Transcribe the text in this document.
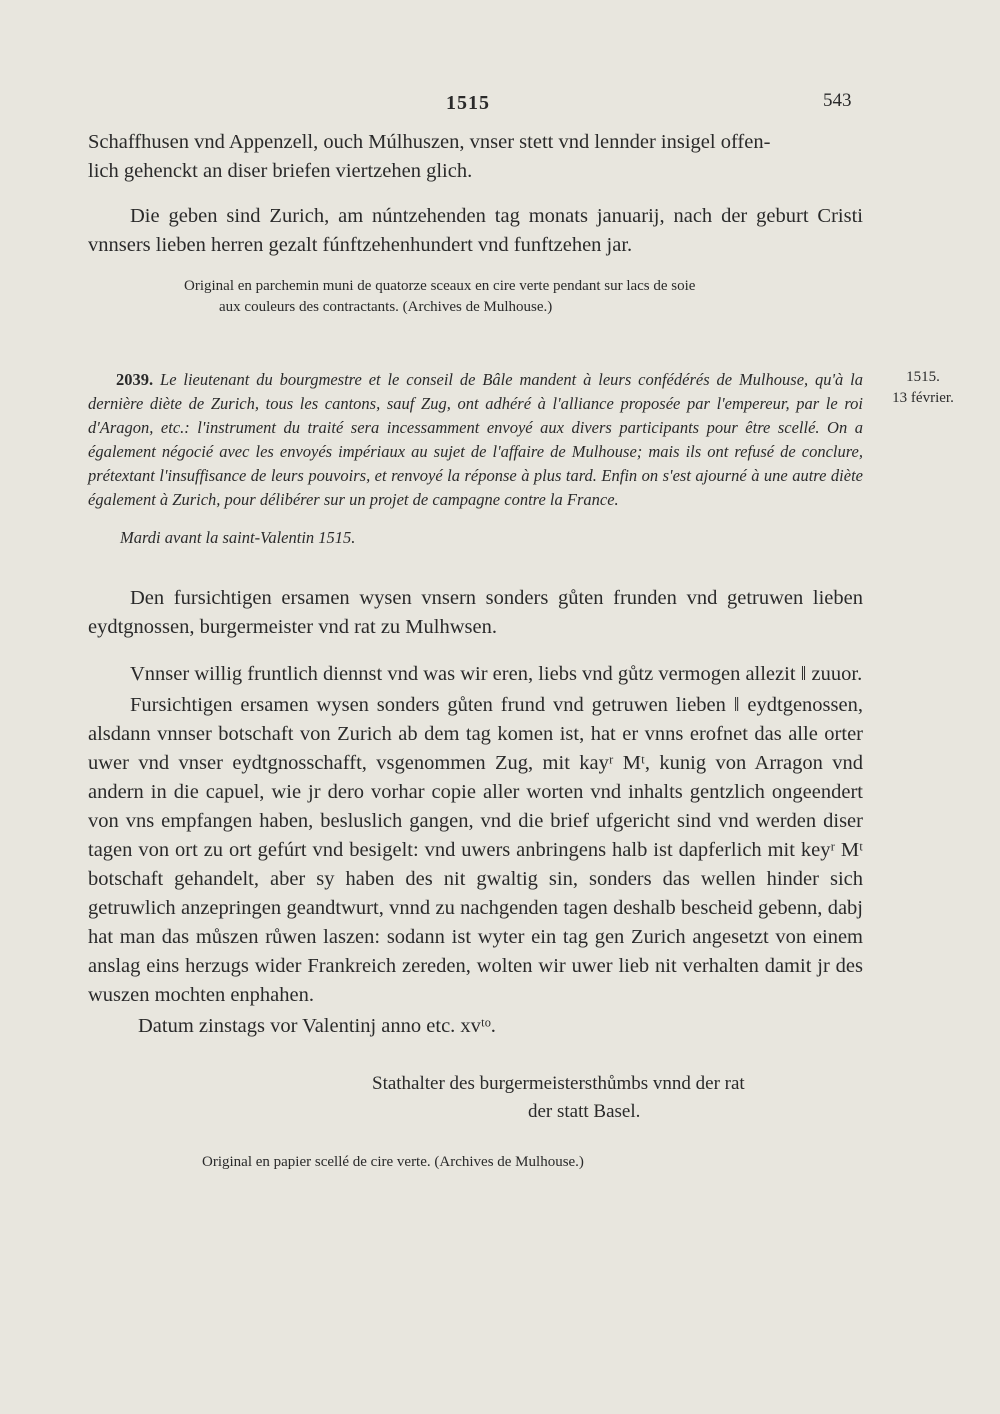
1515	543

Schaffhusen vnd Appenzell, ouch Múlhuszen, vnser stett vnd lennder insigel offen-

lich gehenckt an diser briefen viertzehen glich.

Die geben sind Zurich, am núntzehenden tag monats januarij, nach der geburt Cristi vnnsers lieben herren gezalt fúnftzehenhundert vnd funftzehen jar.

Original en parchemin muni de quatorze sceaux en cire verte pendant sur lacs de soie

aux couleurs des contractants. (Archives de Mulhouse.)

1515.
13 février.

2039. Le lieutenant du bourgmestre et le conseil de Bâle mandent à leurs confédérés de Mulhouse, qu'à la dernière diète de Zurich, tous les cantons, sauf Zug, ont adhéré à l'alliance proposée par l'empereur, par le roi d'Aragon, etc.: l'instrument du traité sera incessamment envoyé aux divers participants pour être scellé. On a également négocié avec les envoyés impériaux au sujet de l'affaire de Mulhouse; mais ils ont refusé de conclure, prétextant l'insuffisance de leurs pouvoirs, et renvoyé la réponse à plus tard. Enfin on s'est ajourné à une autre diète également à Zurich, pour délibérer sur un projet de campagne contre la France.

Mardi avant la saint-Valentin 1515.

Den fursichtigen ersamen wysen vnsern sonders gůten frunden vnd getruwen lieben eydtgnossen, burgermeister vnd rat zu Mulhwsen.

Vnnser willig fruntlich diennst vnd was wir eren, liebs vnd gůtz vermogen allezit ‖ zuuor.

Fursichtigen ersamen wysen sonders gůten frund vnd getruwen lieben ‖ eydtgenossen, alsdann vnnser botschaft von Zurich ab dem tag komen ist, hat er vnns erofnet das alle orter uwer vnd vnser eydtgnosschafft, vsgenommen Zug, mit kayʳ Mᵗ, kunig von Arragon vnd andern in die capuel, wie jr dero vorhar copie aller worten vnd inhalts gentzlich ongeendert von vns empfangen haben, besluslich gangen, vnd die brief ufgericht sind vnd werden diser tagen von ort zu ort gefúrt vnd besigelt: vnd uwers anbringens halb ist dapferlich mit keyʳ Mᵗ botschaft gehandelt, aber sy haben des nit gwaltig sin, sonders das wellen hinder sich getruwlich anzepringen geandtwurt, vnnd zu nachgenden tagen deshalb bescheid gebenn, dabj hat man das můszen růwen laszen: sodann ist wyter ein tag gen Zurich angesetzt von einem anslag eins herzugs wider Frankreich zereden, wolten wir uwer lieb nit verhalten damit jr des wuszen mochten enphahen.

Datum zinstags vor Valentinj anno etc. xvᵗᵒ.

Stathalter des burgermeistersthůmbs vnnd der rat
der statt Basel.

Original en papier scellé de cire verte. (Archives de Mulhouse.)
